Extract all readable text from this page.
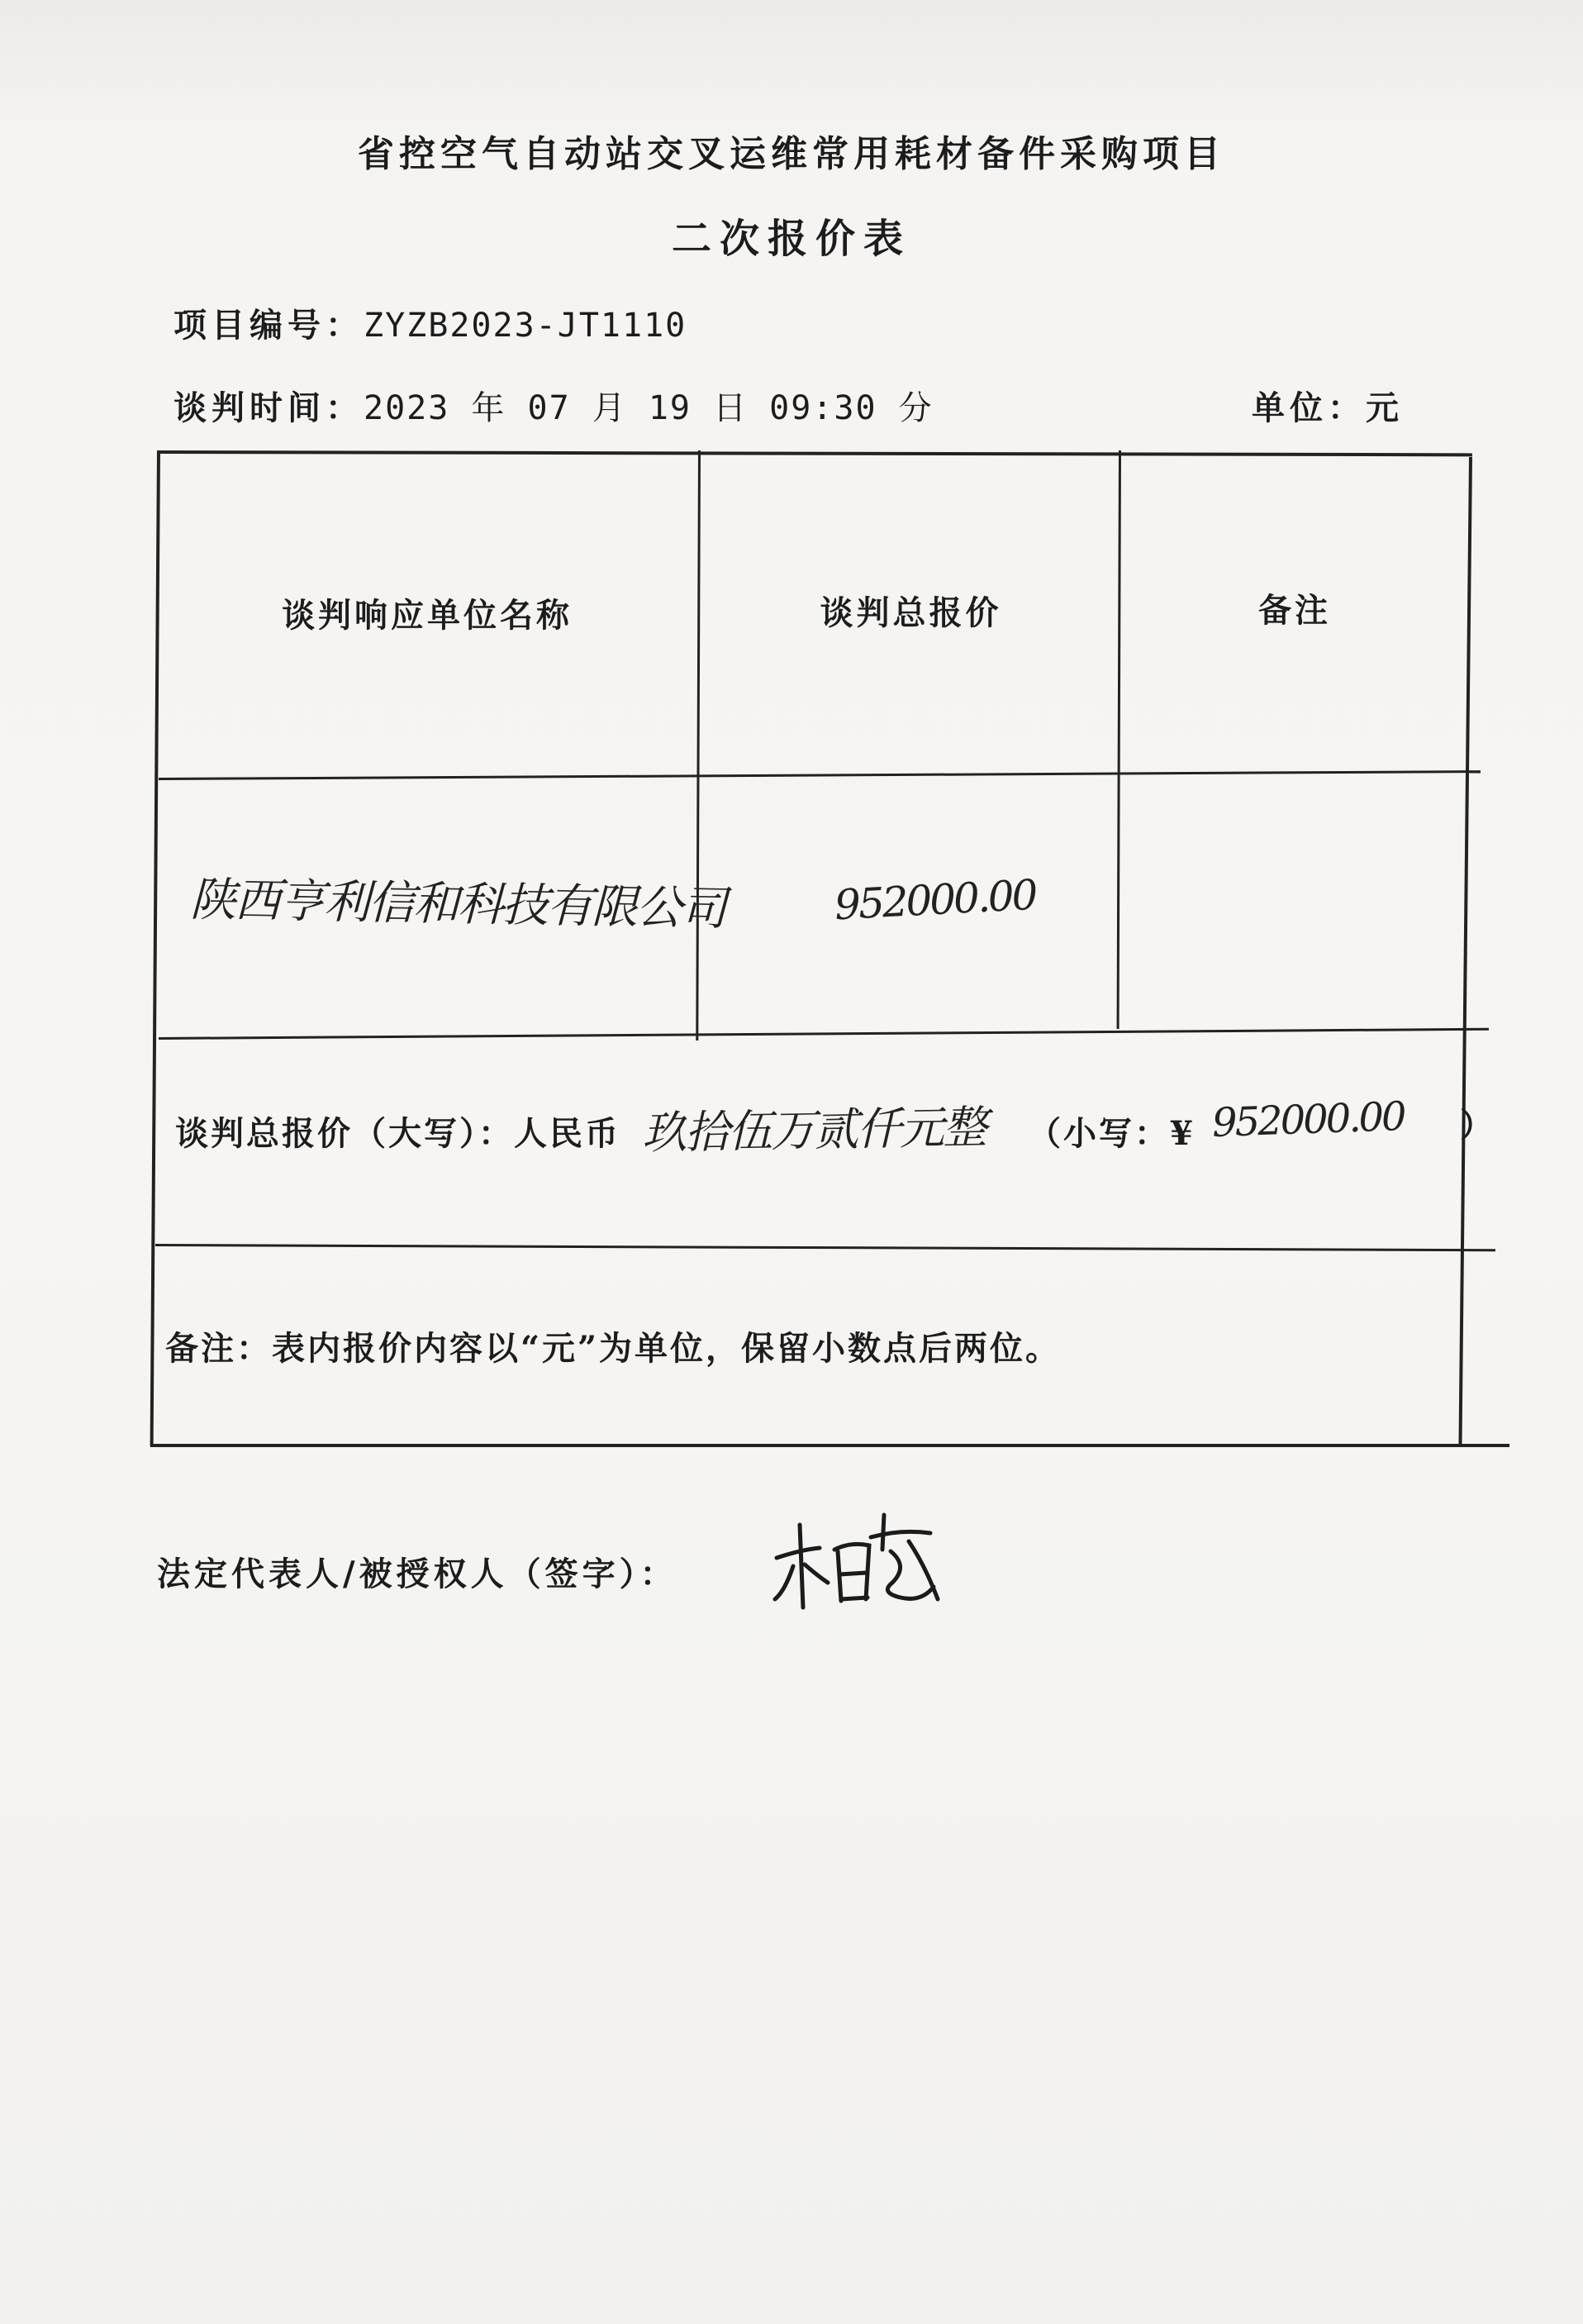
省控空气自动站交叉运维常用耗材备件采购项目
二次报价表
项目编号：ZYZB2023-JT1110
谈判时间：2023 年 07 月 19 日 09:30 分	单位：元
谈判响应单位名称	谈判总报价	备注
陕西亨利信和科技有限公司	952000.00
谈判总报价（大写）：人民币 玖拾伍万贰仟元整 （小写：¥ 952000.00 ）
备注：表内报价内容以“元”为单位，保留小数点后两位。
法定代表人/被授权人（签字）：
